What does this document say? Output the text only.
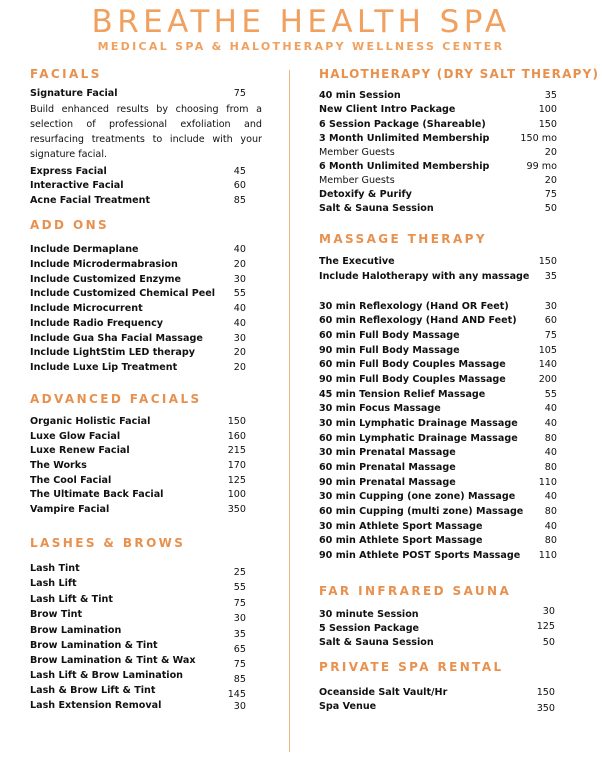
BREATHE HEALTH SPA
MEDICAL SPA & HALOTHERAPY WELLNESS CENTER
FACIALS
Signature Facial	75
Build enhanced results by choosing from a selection of professional exfoliation and resurfacing treatments to include with your signature facial.
Express Facial	45
Interactive Facial	60
Acne Facial Treatment	85
ADD ONS
Include Dermaplane	40
Include Microdermabrasion	20
Include Customized Enzyme	30
Include Customized Chemical Peel 55
Include Microcurrent	40
Include Radio Frequency	40
Include Gua Sha Facial Massage	30
Include LightStim LED therapy	20
Include Luxe Lip Treatment	20
ADVANCED FACIALS
Organic Holistic Facial	150
Luxe Glow Facial	160
Luxe Renew Facial	215
The Works	170
The Cool Facial	125
The Ultimate Back Facial	100
Vampire Facial	350
LASHES & BROWS
Lash Tint	25
Lash Lift	55
Lash Lift & Tint	75
Brow Tint	30
Brow Lamination	35
Brow Lamination & Tint	65
Brow Lamination & Tint & Wax	75
Lash Lift & Brow Lamination	85
Lash & Brow Lift & Tint	145
Lash Extension Removal	30
HALOTHERAPY (DRY SALT THERAPY)
40 min Session	35
New Client Intro Package	100
6 Session Package (Shareable)	150
3 Month Unlimited Membership	150 mo
Member Guests	20
6 Month Unlimited Membership	99 mo
Member Guests	20
Detoxify & Purify	75
Salt & Sauna Session	50
MASSAGE THERAPY
The Executive	150
Include Halotherapy with any massage 35
30 min Reflexology (Hand OR Feet)	30
60 min Reflexology (Hand AND Feet)	60
60 min Full Body Massage	75
90 min Full Body Massage	105
60 min Full Body Couples Massage	140
90 min Full Body Couples Massage	200
45 min Tension Relief Massage	55
30 min Focus Massage	40
30 min Lymphatic Drainage Massage	40
60 min Lymphatic Drainage Massage	80
30 min Prenatal Massage	40
60 min Prenatal Massage	80
90 min Prenatal Massage	110
30 min Cupping (one zone) Massage	40
60 min Cupping (multi zone) Massage 80
30 min Athlete Sport Massage	40
60 min Athlete Sport Massage	80
90 min Athlete POST Sports Massage 110
FAR INFRARED SAUNA
30 minute Session	30
5 Session Package	125
Salt & Sauna Session	50
PRIVATE SPA RENTAL
Oceanside Salt Vault/Hr	150
Spa Venue	350
